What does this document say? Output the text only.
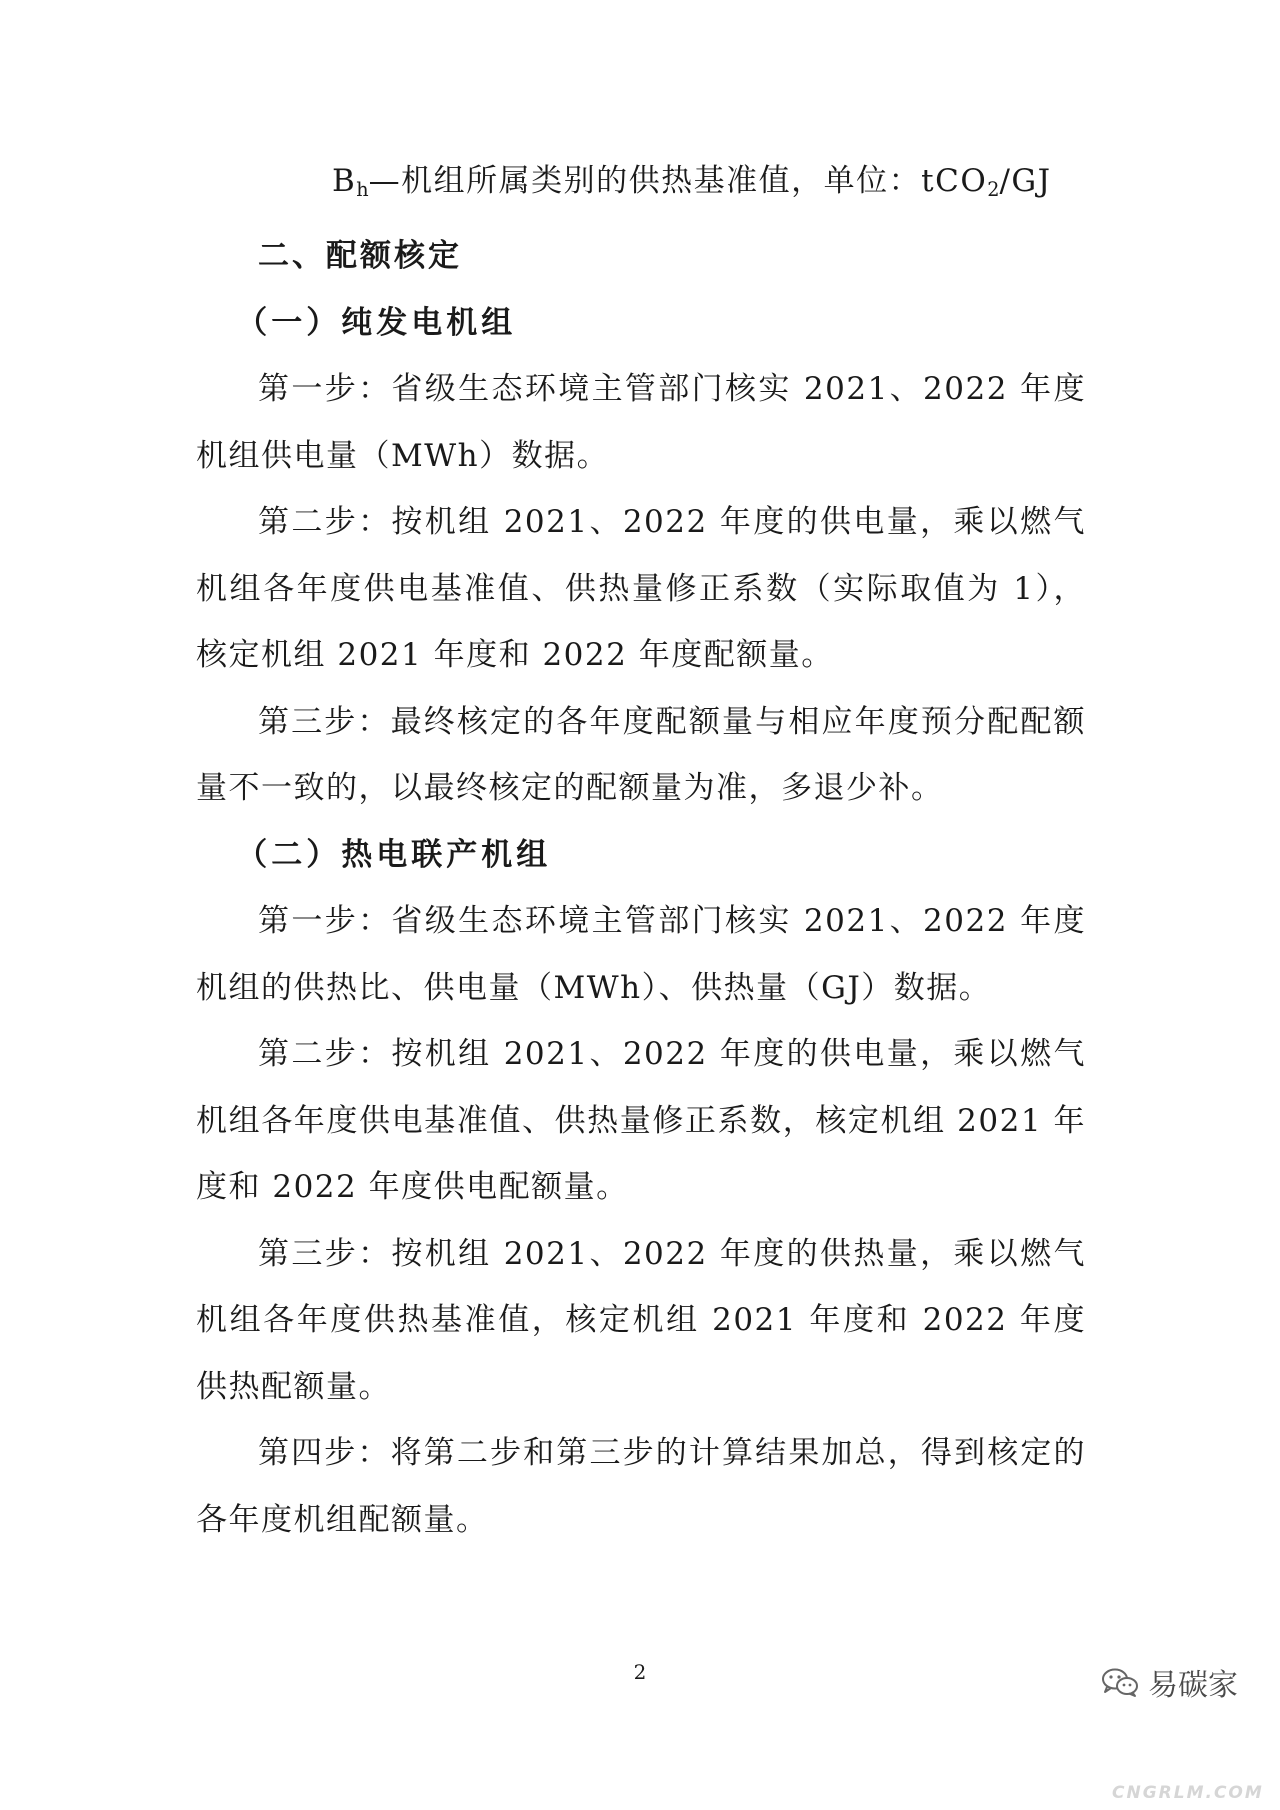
$B_h—$机组所属类别的供热基准值，单位：tCO$_2$/GJ

二、配额核定

（一）纯发电机组

第一步：省级生态环境主管部门核实 2021、2022 年度机组供电量（MWh）数据。

第二步：按机组 2021、2022 年度的供电量，乘以燃气机组各年度供电基准值、供热量修正系数（实际取值为 1），核定机组 2021 年度和 2022 年度配额量。

第三步：最终核定的各年度配额量与相应年度预分配配额量不一致的，以最终核定的配额量为准，多退少补。

（二）热电联产机组

第一步：省级生态环境主管部门核实 2021、2022 年度机组的供热比、供电量（MWh）、供热量（GJ）数据。

第二步：按机组 2021、2022 年度的供电量，乘以燃气机组各年度供电基准值、供热量修正系数，核定机组 2021 年度和 2022 年度供电配额量。

第三步：按机组 2021、2022 年度的供热量，乘以燃气机组各年度供热基准值，核定机组 2021 年度和 2022 年度供热配额量。

第四步：将第二步和第三步的计算结果加总，得到核定的各年度机组配额量。

2	易碳家
CNGRLM.COM
